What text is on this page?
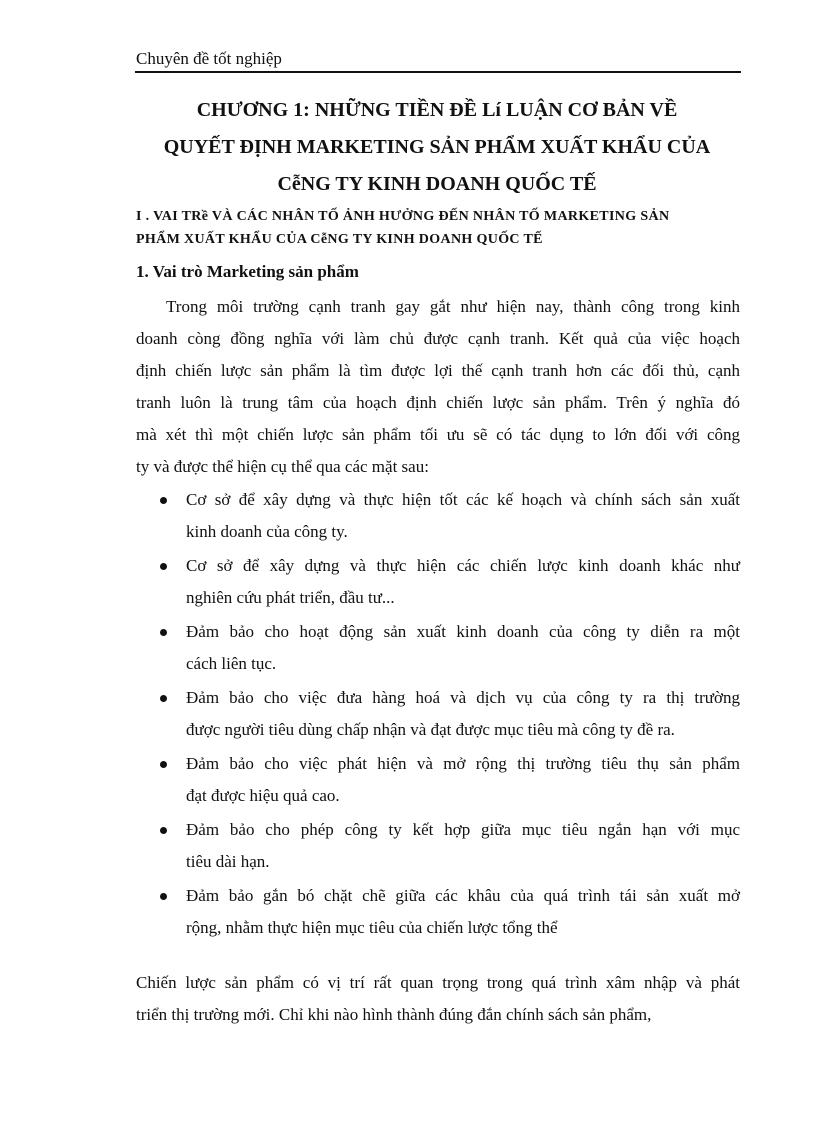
Chuyên đề tốt nghiệp
CHƯƠNG 1: NHỮNG TIỀN ĐỀ Lí LUẬN CƠ BẢN VỀ
QUYẾT ĐỊNH MARKETING SẢN PHẨM XUẤT KHẨU CỦA
CễNG TY KINH DOANH QUỐC TẾ
I . VAI TRề VÀ CÁC NHÂN TỐ ẢNH HƯỞNG ĐẾN NHÂN TỐ MARKETING SẢN
PHẨM XUẤT KHẨU CỦA CễNG TY KINH DOANH QUỐC TẾ
1. Vai trò Marketing sản phẩm
Trong môi trường cạnh tranh gay gắt như hiện nay, thành công trong kinh
doanh còng đồng nghĩa với làm chủ được cạnh tranh. Kết quả của việc hoạch
định chiến lược sản phẩm là tìm được lợi thế cạnh tranh hơn các đối thủ, cạnh
tranh luôn là trung tâm của hoạch định chiến lược sản phẩm. Trên ý nghĩa đó
mà xét thì một chiến lược sản phẩm tối ưu sẽ có tác dụng to lớn đối với công
ty và được thể hiện cụ thể qua các mặt sau:
Cơ sở để xây dựng và thực hiện tốt các kế hoạch và chính sách sản xuất
kinh doanh của công ty.
Cơ sở để xây dựng và thực hiện các chiến lược kinh doanh khác như
nghiên cứu phát triển, đầu tư...
Đảm bảo cho hoạt động sản xuất kinh doanh của công ty diễn ra một
cách liên tục.
Đảm bảo cho việc đưa hàng hoá và dịch vụ của công ty ra thị trường
được người tiêu dùng chấp nhận và đạt được mục tiêu mà công ty đề ra.
Đảm bảo cho việc phát hiện và mở rộng thị trường tiêu thụ sản phẩm
đạt được hiệu quả cao.
Đảm bảo cho phép công ty kết hợp giữa mục tiêu ngắn hạn với mục
tiêu dài hạn.
Đảm bảo gắn bó chặt chẽ giữa các khâu của quá trình tái sản xuất mở
rộng, nhằm thực hiện mục tiêu của chiến lược tổng thể
Chiến lược sản phẩm có vị trí rất quan trọng trong quá trình xâm nhập và phát
triển thị trường mới. Chỉ khi nào hình thành đúng đắn chính sách sản phẩm,
